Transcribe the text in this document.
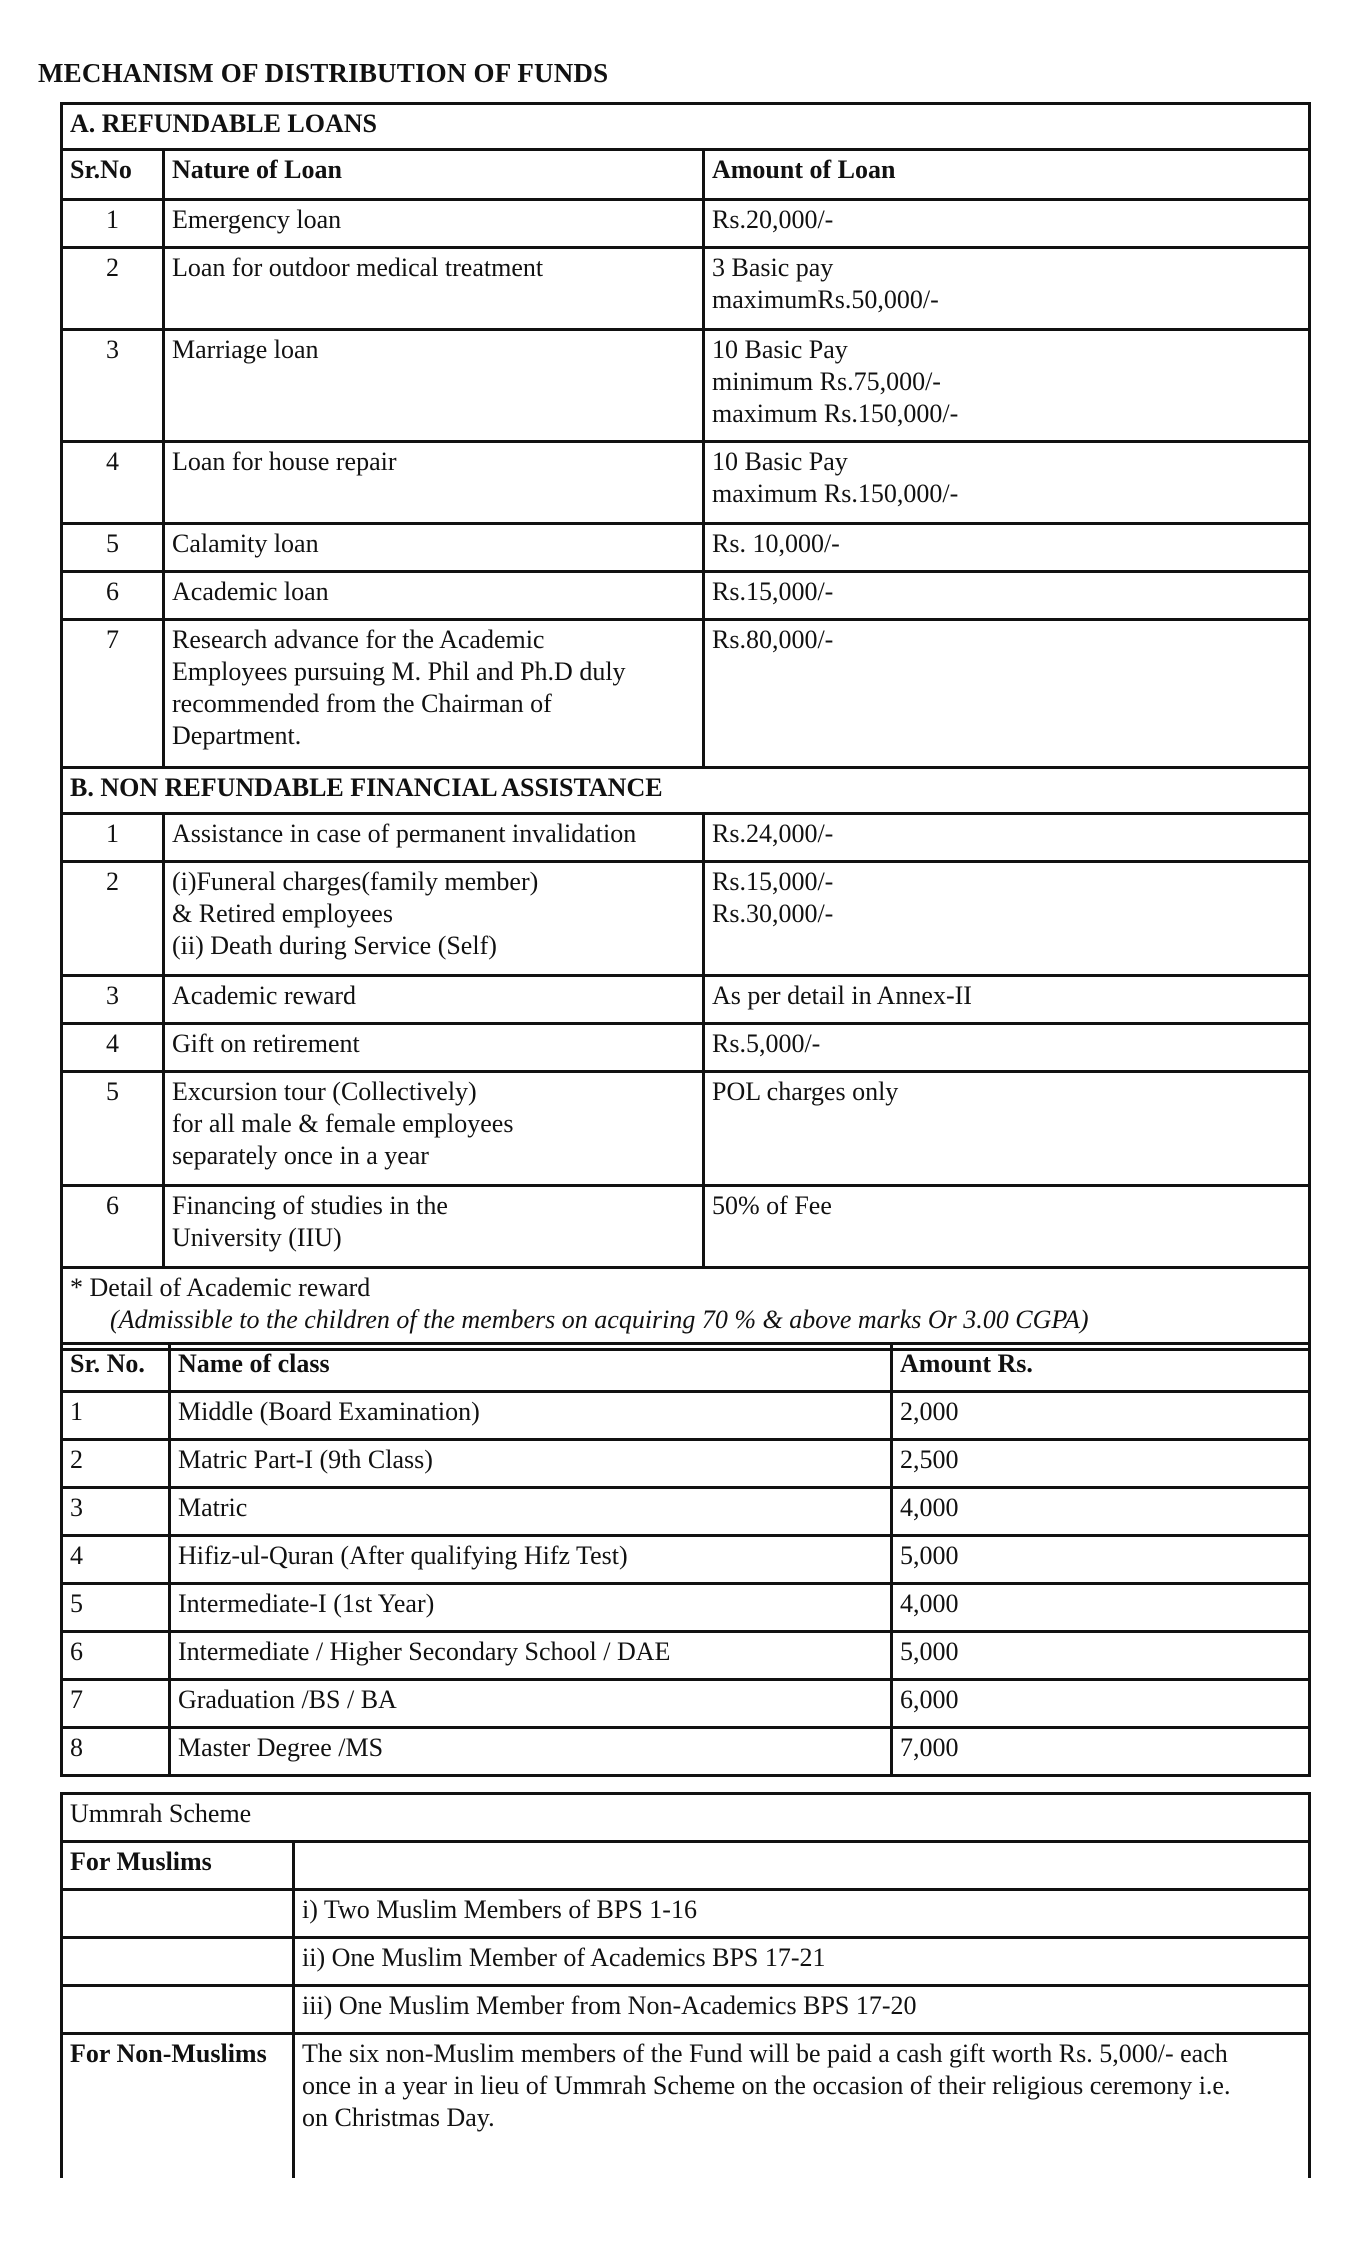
MECHANISM OF DISTRIBUTION OF FUNDS
A. REFUNDABLE LOANS		
Sr.No	Nature of Loan	Amount of Loan
1	Emergency loan	Rs.20,000/-
2	Loan for outdoor medical treatment	3 Basic pay
maximumRs.50,000/-
3	Marriage loan	10 Basic Pay
minimum Rs.75,000/-
maximum Rs.150,000/-
4	Loan for house repair	10 Basic Pay
maximum Rs.150,000/-
5	Calamity loan	Rs. 10,000/-
6	Academic loan	Rs.15,000/-
7	Research advance for the Academic
Employees pursuing M. Phil and Ph.D duly
recommended from the Chairman of
Department.	Rs.80,000/-
B. NON REFUNDABLE FINANCIAL ASSISTANCE		
1	Assistance in case of permanent invalidation	Rs.24,000/-
2	(i)Funeral charges(family member)
& Retired employees
(ii) Death during Service (Self)	Rs.15,000/-
Rs.30,000/-
3	Academic reward	As per detail in Annex-II
4	Gift on retirement	Rs.5,000/-
5	Excursion tour (Collectively)
for all male & female employees
separately once in a year	POL charges only
6	Financing of studies in the
University (IIU)	50% of Fee

* Detail of Academic reward
(Admissible to the children of the members on acquiring 70 % & above marks Or 3.00 CGPA)		
Sr. No.	Name of class	Amount Rs.
1	Middle (Board Examination)	2,000
2	Matric Part-I (9th Class)	2,500
3	Matric	4,000
4	Hifiz-ul-Quran (After qualifying Hifz Test)	5,000
5	Intermediate-I (1st Year)	4,000
6	Intermediate / Higher Secondary School / DAE	5,000
7	Graduation /BS / BA	6,000
8	Master Degree /MS	7,000
Ummrah Scheme	
For Muslims	
	i) Two Muslim Members of BPS 1-16
	ii) One Muslim Member of Academics BPS 17-21
	iii) One Muslim Member from Non-Academics BPS 17-20
For Non-Muslims	The six non-Muslim members of the Fund will be paid a cash gift worth Rs. 5,000/- each
once in a year in lieu of Ummrah Scheme on the occasion of their religious ceremony i.e.
on Christmas Day.
